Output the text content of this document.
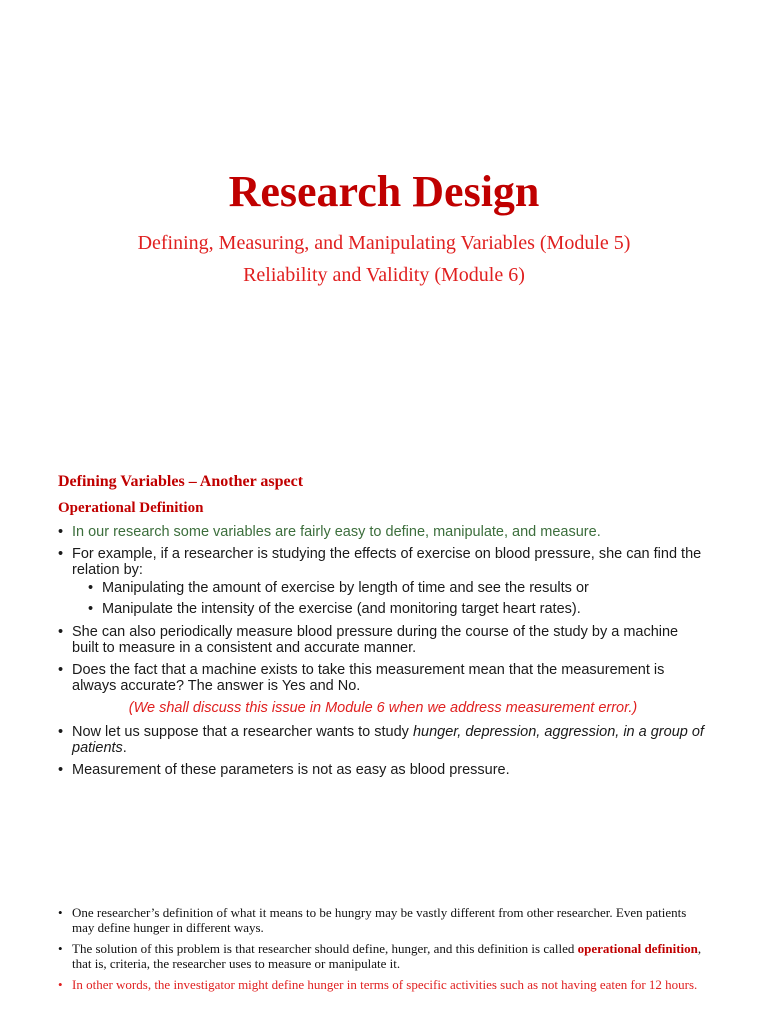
Research Design
Defining, Measuring, and Manipulating Variables (Module 5)
Reliability and Validity (Module 6)
Defining Variables – Another aspect
Operational Definition
• In our research some variables are fairly easy to define, manipulate, and measure.
• For example, if a researcher is studying the effects of exercise on blood pressure, she can find the relation by:
• Manipulating the amount of exercise by length of time and see the results or
• Manipulate the intensity of the exercise (and monitoring target heart rates).
• She can also periodically measure blood pressure during the course of the study by a machine built to measure in a consistent and accurate manner.
• Does the fact that a machine exists to take this measurement mean that the measurement is always accurate? The answer is Yes and No.
(We shall discuss this issue in Module 6 when we address measurement error.)
• Now let us suppose that a researcher wants to study hunger, depression, aggression, in a group of patients.
• Measurement of these parameters is not as easy as blood pressure.
• One researcher’s definition of what it means to be hungry may be vastly different from other researcher. Even patients may define hunger in different ways.
• The solution of this problem is that researcher should define, hunger, and this definition is called operational definition, that is, criteria, the researcher uses to measure or manipulate it.
• In other words, the investigator might define hunger in terms of specific activities such as not having eaten for 12 hours.
